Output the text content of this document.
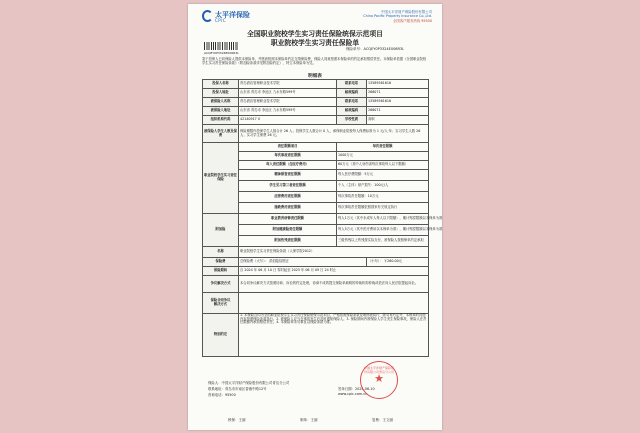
太平洋保险
CPIC
中国太平洋财产保险股份有限公司
China Pacific Property Insurance Co.,Ltd.
全国客户服务热线 95500
全国职业院校学生实习责任保险统保示范项目
职业院校学生实习责任保险单
ACQEY0P3324E006R3L
保险单号：ACQEY0P3324E006R3L
鉴于投保人已向保险人提供本保险单，并愿意按照本保险单约定交纳保险费，保险人同意按照本保险单的约定承担赔偿责任。本保险单依据《全国职业院校学生实习责任保险条款》（附加险条款详见附加险约定），特立本保险单为凭。
明细表
投保人名称	青岛酒店管理职业技术学院	联系电话	13589561616
投保人地址	山东省 青岛市 李沧区 九水东路599号	邮政编码	266071
被保险人名称	青岛酒店管理职业技术学院	联系电话	13589561616
被保险人地址	山东省 青岛市 李沧区 九水东路599号	邮政编码	266071
组织机构代码	42140917 X	学校性质	高职
被保险人学生人数及保费	保险期限内投保学生人数合计 26 人；投保学生人数合计 0 人，承保职业院校每人保费标准为 1 元/人·年；实习学生人数 26 人；实习学生保费 26 元。		
职业院校学生实习责任保险	责任限额项目	每次责任限额	
	每次事故责任限额	1000万元	
	每人责任限额（含医疗费用）	60万元（其中人身伤害每次事故每人以下限额）	
	精神损害责任限额	每人医疗费限额：5万元	
	学生见习第三者责任限额	个人（主体）财产损失：100元/人	
	法律费用责任限额	每次事故责任限额：10万元	
	施救费用责任限额	每次事故责任限额依照国家有关规定执行	
附加险	职业教育研修责任限额	每人1万元（其中未成年人每人以下限额），累计赔偿限额以本保单为准	
	附加健康险责任限额	每人5万元（其中医疗费用以本保单为准），累计赔偿限额以本保单为准	
	附加伤残责任限额	三级伤残以上伤残按实际支付，被保险人按照保单约定承担	
名称	职业院校学生实习责任保险条款（人保学院2012）		
保险费	总保险费（大写）： 贰佰陆拾圆正		（小写）： ￥260.00元
保险期间	自 2024 年 06 月 10 日 零时起至 2025 年 06 月 09 日 24 时止		
争议解决方式	本合同争议解决方式按照协商、诉讼的约定处理，协商不成的提交保险单载明的仲裁机构仲裁或依法向人民法院提起诉讼。		
保险合同争议
解决方式			
特别约定	1. 本保险合同为全国职业院校学生实习责任保险统保示范项目，严格按照保险条款及明细表执行，除另有约定外，本保单的其他内容按照保险条款执行。2. 被保险人应当在事故发生后及时通知保险人。3. 保险期间内被保险人学生发生保险事故，保险人在责任限额内承担赔偿责任。4. 本保险单未尽事宜以保险条款为准。		
保险人：中国太平洋财产保险股份有限公司青岛分公司
联系地址：青岛市市南区香港中路12号
咨询电话：95500
签单日期：2024-06-10
www.cpic.com.cn
中国太平洋财产保险股份有限公司青岛分公司
★
核保：王丽	制单：王丽	复核：王文丽
